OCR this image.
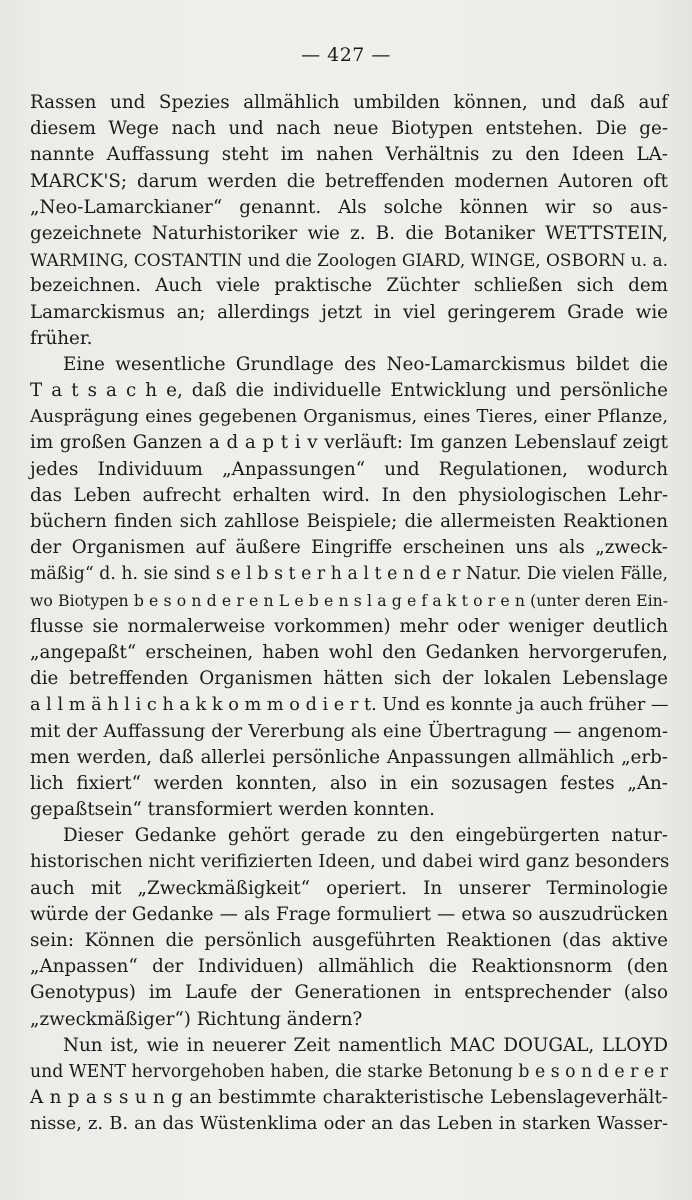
— 427 —
Rassen und Spezies allmählich umbilden können, und daß auf
diesem Wege nach und nach neue Biotypen entstehen. Die ge-
nannte Auffassung steht im nahen Verhältnis zu den Ideen LA-
MARCK'S; darum werden die betreffenden modernen Autoren oft
„Neo-Lamarckianer“ genannt. Als solche können wir so aus-
gezeichnete Naturhistoriker wie z. B. die Botaniker WETTSTEIN,
WARMING, COSTANTIN und die Zoologen GIARD, WINGE, OSBORN u. a.
bezeichnen. Auch viele praktische Züchter schließen sich dem
Lamarckismus an; allerdings jetzt in viel geringerem Grade wie
früher.
Eine wesentliche Grundlage des Neo-Lamarckismus bildet die
T a t s a c h e, daß die individuelle Entwicklung und persönliche
Ausprägung eines gegebenen Organismus, eines Tieres, einer Pflanze,
im großen Ganzen a d a p t i v verläuft: Im ganzen Lebenslauf zeigt
jedes Individuum „Anpassungen“ und Regulationen, wodurch
das Leben aufrecht erhalten wird. In den physiologischen Lehr-
büchern finden sich zahllose Beispiele; die allermeisten Reaktionen
der Organismen auf äußere Eingriffe erscheinen uns als „zweck-
mäßig“ d. h. sie sind s e l b s t e r h a l t e n d e r Natur. Die vielen Fälle,
wo Biotypen b e s o n d e r e n L e b e n s l a g e f a k t o r e n (unter deren Ein-
flusse sie normalerweise vorkommen) mehr oder weniger deutlich
„angepaßt“ erscheinen, haben wohl den Gedanken hervorgerufen,
die betreffenden Organismen hätten sich der lokalen Lebenslage
a l l m ä h l i c h a k k o m m o d i e r t. Und es konnte ja auch früher —
mit der Auffassung der Vererbung als eine Übertragung — angenom-
men werden, daß allerlei persönliche Anpassungen allmählich „erb-
lich fixiert“ werden konnten, also in ein sozusagen festes „An-
gepaßtsein“ transformiert werden konnten.
Dieser Gedanke gehört gerade zu den eingebürgerten natur-
historischen nicht verifizierten Ideen, und dabei wird ganz besonders
auch mit „Zweckmäßigkeit“ operiert. In unserer Terminologie
würde der Gedanke — als Frage formuliert — etwa so auszudrücken
sein: Können die persönlich ausgeführten Reaktionen (das aktive
„Anpassen“ der Individuen) allmählich die Reaktionsnorm (den
Genotypus) im Laufe der Generationen in entsprechender (also
„zweckmäßiger“) Richtung ändern?
Nun ist, wie in neuerer Zeit namentlich MAC DOUGAL, LLOYD
und WENT hervorgehoben haben, die starke Betonung b e s o n d e r e r
A n p a s s u n g an bestimmte charakteristische Lebenslageverhält-
nisse, z. B. an das Wüstenklima oder an das Leben in starken Wasser-
